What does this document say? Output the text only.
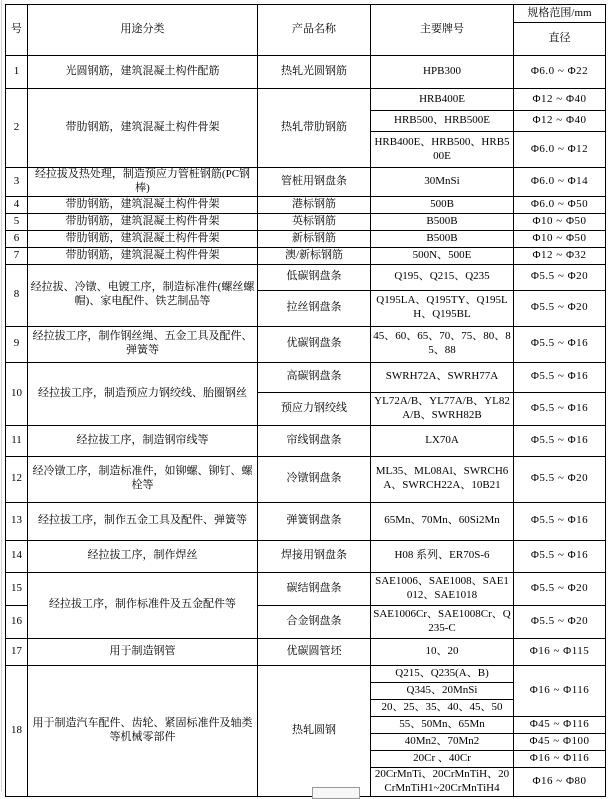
号	用途分类	产品名称	主要牌号	规格范围/mm
				直径
1	光圆钢筋，建筑混凝土构件配筋	热轧光圆钢筋	HPB300	Φ6.0 ~ Φ22
2	带肋钢筋，建筑混凝土构件骨架	热轧带肋钢筋	HRB400E	Φ12 ~ Φ40
			HRB500、HRB500E	Φ12 ~ Φ40
			HRB400E、HRB500、HRB500E	Φ6.0 ~ Φ12
3	经拉拔及热处理，制造预应力管桩钢筋(PC钢棒)	管桩用钢盘条	30MnSi	Φ6.0 ~ Φ14
4	带肋钢筋，建筑混凝土构件骨架	港标钢筋	500B	Φ6.0 ~ Φ50
5	带肋钢筋，建筑混凝土构件骨架	英标钢筋	B500B	Φ10 ~ Φ50
6	带肋钢筋，建筑混凝土构件骨架	新标钢筋	B500B	Φ10 ~ Φ50
7	带肋钢筋，建筑混凝土构件骨架	澳/新标钢筋	500N、500E	Φ12 ~ Φ32
8	经拉拔、冷镦、电镀工序，制造标准件(螺丝螺帽)、家电配件、铁艺制品等	低碳钢盘条	Q195、Q215、Q235	Φ5.5 ~ Φ20
		拉丝钢盘条	Q195LA、Q195TY、Q195LH、Q195BL	Φ5.5 ~ Φ20
9	经拉拔工序，制作钢丝绳、五金工具及配件、弹簧等	优碳钢盘条	45、60、65、70、75、80、85、88	Φ5.5 ~ Φ16
10	经拉拔工序，制造预应力钢绞线、胎圈钢丝	高碳钢盘条	SWRH72A、SWRH77A	Φ5.5 ~ Φ16
		预应力钢绞线	YL72A/B、YL77A/B、YL82A/B、SWRH82B	Φ5.5 ~ Φ16
11	经拉拔工序，制造钢帘线等	帘线钢盘条	LX70A	Φ5.5 ~ Φ16
12	经冷镦工序，制造标准件，如铆螺、铆钉、螺栓等	冷镦钢盘条	ML35、ML08Al、SWRCH6A、SWRCH22A、10B21	Φ5.5 ~ Φ20
13	经拉拔工序，制作五金工具及配件、弹簧等	弹簧钢盘条	65Mn、70Mn、60Si2Mn	Φ5.5 ~ Φ16
14	经拉拔工序，制作焊丝	焊接用钢盘条	H08 系列、ER70S-6	Φ5.5 ~ Φ16
15	经拉拔工序，制作标准件及五金配件等	碳结钢盘条	SAE1006、SAE1008、SAE1012、SAE1018	Φ5.5 ~ Φ20
16		合金钢盘条	SAE1006Cr、SAE1008Cr、Q235-C	Φ5.5 ~ Φ20
17	用于制造钢管	优碳圆管坯	10、20	Φ16 ~ Φ115
18	用于制造汽车配件、齿轮、紧固标准件及轴类等机械零部件	热轧圆钢	Q215、Q235(A、B)	Φ16 ~ Φ116
			Q345、20MnSi	
			20、25、35、40、45、50	
			55、50Mn、65Mn	Φ45 ~ Φ116
			40Mn2、70Mn2	Φ45 ~ Φ100
			20Cr 、40Cr	Φ16 ~ Φ116
			20CrMnTi、20CrMnTiH、20CrMnTiH1~20CrMnTiH4	Φ16 ~ Φ80
